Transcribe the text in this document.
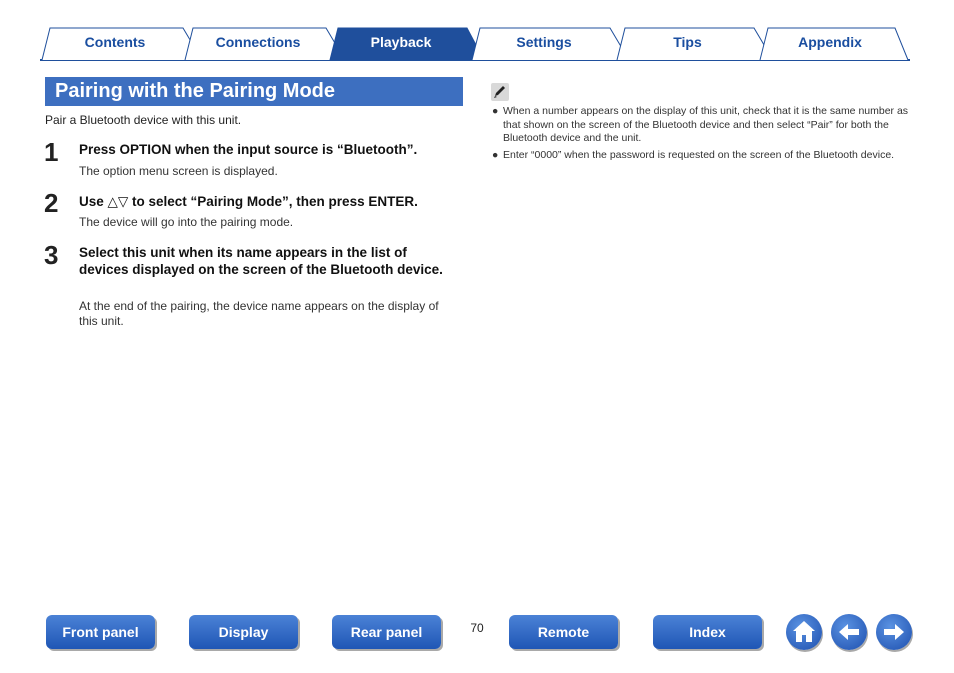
Contents	Connections	Playback	Settings	Tips	Appendix
Pairing with the Pairing Mode
Pair a Bluetooth device with this unit.
1 Press OPTION when the input source is “Bluetooth”.
The option menu screen is displayed.
2 Use △▽ to select “Pairing Mode”, then press ENTER.
The device will go into the pairing mode.
3 Select this unit when its name appears in the list of devices displayed on the screen of the Bluetooth device.
At the end of the pairing, the device name appears on the display of this unit.
● When a number appears on the display of this unit, check that it is the same number as that shown on the screen of the Bluetooth device and then select “Pair” for both the Bluetooth device and the unit.
● Enter “0000” when the password is requested on the screen of the Bluetooth device.
Front panel	Display	Rear panel	70	Remote	Index
